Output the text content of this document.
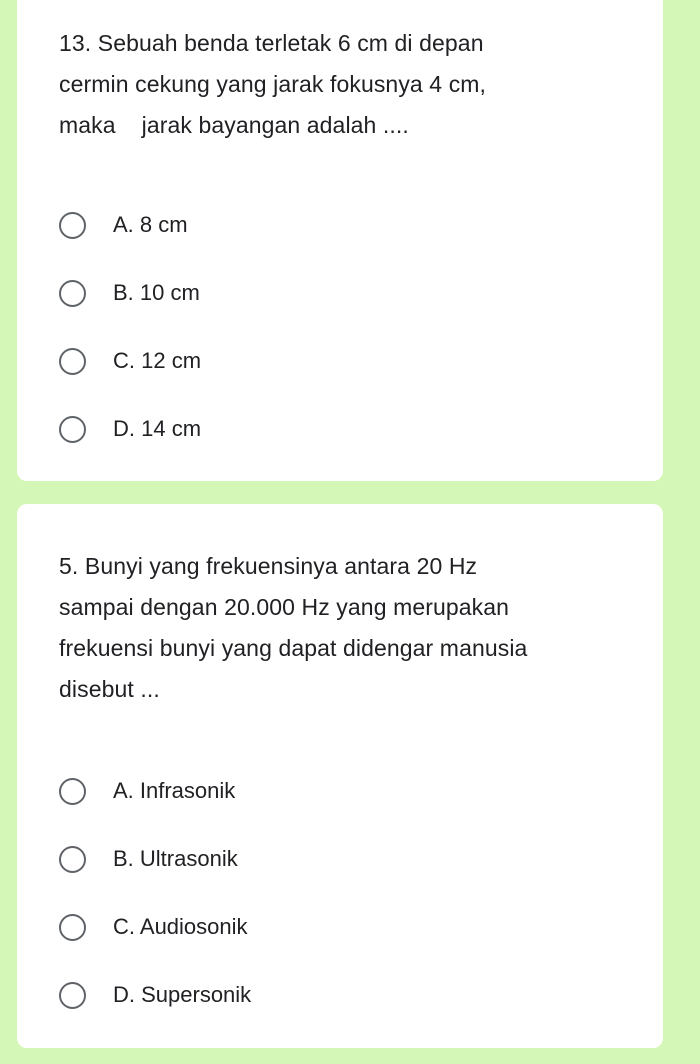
13. Sebuah benda terletak 6 cm di depan
cermin cekung yang jarak fokusnya 4 cm,
maka    jarak bayangan adalah ....

A. 8 cm
B. 10 cm
C. 12 cm
D. 14 cm

5. Bunyi yang frekuensinya antara 20 Hz
sampai dengan 20.000 Hz yang merupakan
frekuensi bunyi yang dapat didengar manusia
disebut ...

A. Infrasonik
B. Ultrasonik
C. Audiosonik
D. Supersonik
